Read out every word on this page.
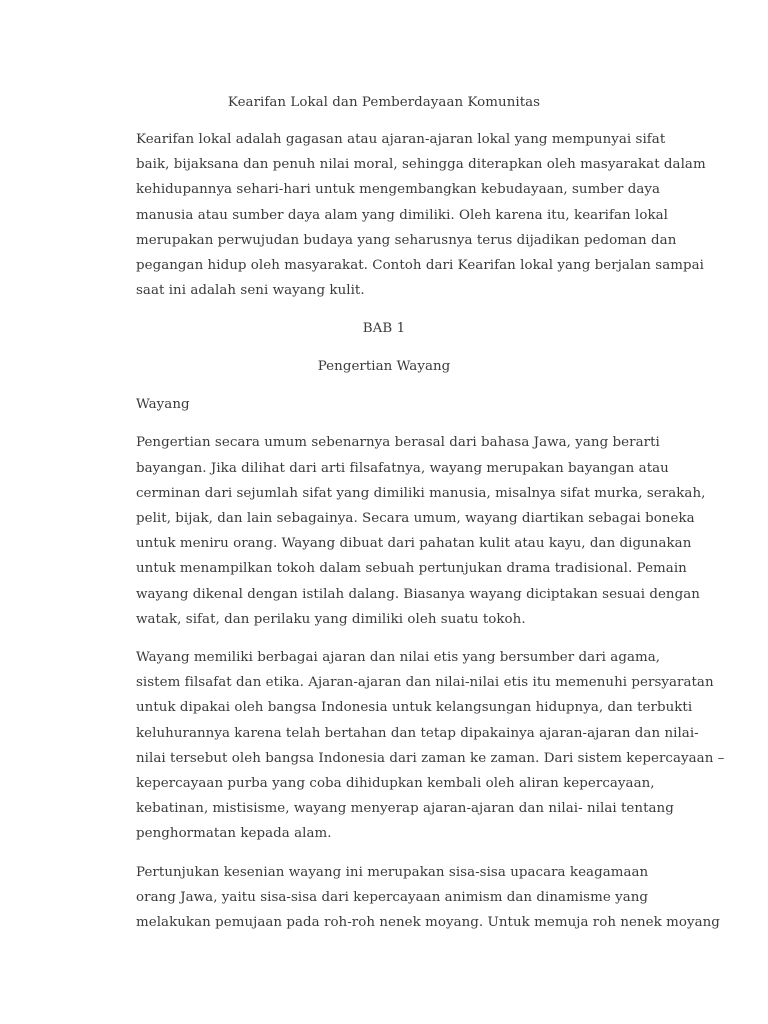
Kearifan Lokal dan Pemberdayaan Komunitas
Kearifan lokal adalah gagasan atau ajaran-ajaran lokal yang mempunyai sifat
baik, bijaksana dan penuh nilai moral, sehingga diterapkan oleh masyarakat dalam
kehidupannya sehari-hari untuk mengembangkan kebudayaan, sumber daya
manusia atau sumber daya alam yang dimiliki. Oleh karena itu, kearifan lokal
merupakan perwujudan budaya yang seharusnya terus dijadikan pedoman dan
pegangan hidup oleh masyarakat. Contoh dari Kearifan lokal yang berjalan sampai
saat ini adalah seni wayang kulit.
BAB 1
Pengertian Wayang
Wayang
Pengertian secara umum sebenarnya berasal dari bahasa Jawa, yang berarti
bayangan. Jika dilihat dari arti filsafatnya, wayang merupakan bayangan atau
cerminan dari sejumlah sifat yang dimiliki manusia, misalnya sifat murka, serakah,
pelit, bijak, dan lain sebagainya. Secara umum, wayang diartikan sebagai boneka
untuk meniru orang. Wayang dibuat dari pahatan kulit atau kayu, dan digunakan
untuk menampilkan tokoh dalam sebuah pertunjukan drama tradisional. Pemain
wayang dikenal dengan istilah dalang. Biasanya wayang diciptakan sesuai dengan
watak, sifat, dan perilaku yang dimiliki oleh suatu tokoh.
Wayang memiliki berbagai ajaran dan nilai etis yang bersumber dari agama,
sistem filsafat dan etika. Ajaran-ajaran dan nilai-nilai etis itu memenuhi persyaratan
untuk dipakai oleh bangsa Indonesia untuk kelangsungan hidupnya, dan terbukti
keluhurannya karena telah bertahan dan tetap dipakainya ajaran-ajaran dan nilai-
nilai tersebut oleh bangsa Indonesia dari zaman ke zaman. Dari sistem kepercayaan –
kepercayaan purba yang coba dihidupkan kembali oleh aliran kepercayaan,
kebatinan, mistisisme, wayang menyerap ajaran-ajaran dan nilai- nilai tentang
penghormatan kepada alam.
Pertunjukan kesenian wayang ini merupakan sisa-sisa upacara keagamaan
orang Jawa, yaitu sisa-sisa dari kepercayaan animism dan dinamisme yang
melakukan pemujaan pada roh-roh nenek moyang. Untuk memuja roh nenek moyang
